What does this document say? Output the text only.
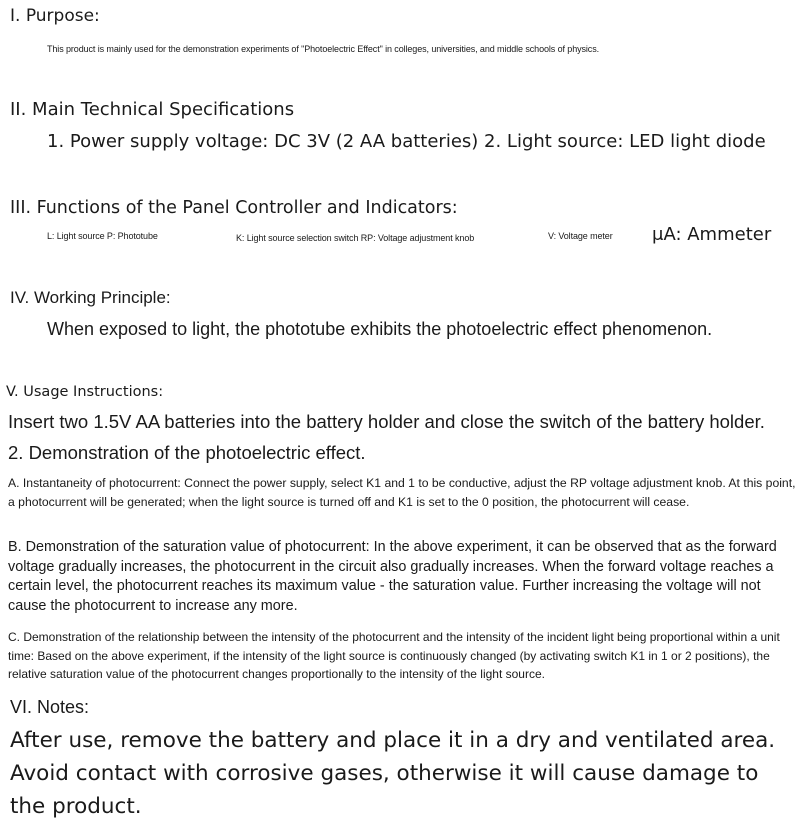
I. Purpose:

This product is mainly used for the demonstration experiments of "Photoelectric Effect" in colleges, universities, and middle schools of physics.

II. Main Technical Specifications

1. Power supply voltage: DC 3V (2 AA batteries) 2. Light source: LED light diode

III. Functions of the Panel Controller and Indicators:

L: Light source P: Phototube	K: Light source selection switch RP: Voltage adjustment knob	V: Voltage meter μA: Ammeter

IV. Working Principle:

When exposed to light, the phototube exhibits the photoelectric effect phenomenon.

V. Usage Instructions:

Insert two 1.5V AA batteries into the battery holder and close the switch of the battery holder.

2. Demonstration of the photoelectric effect.

A. Instantaneity of photocurrent: Connect the power supply, select K1 and 1 to be conductive, adjust the RP voltage adjustment knob. At this point, a photocurrent will be generated; when the light source is turned off and K1 is set to the 0 position, the photocurrent will cease.

B. Demonstration of the saturation value of photocurrent: In the above experiment, it can be observed that as the forward voltage gradually increases, the photocurrent in the circuit also gradually increases. When the forward voltage reaches a certain level, the photocurrent reaches its maximum value - the saturation value. Further increasing the voltage will not cause the photocurrent to increase any more.

C. Demonstration of the relationship between the intensity of the photocurrent and the intensity of the incident light being proportional within a unit time: Based on the above experiment, if the intensity of the light source is continuously changed (by activating switch K1 in 1 or 2 positions), the relative saturation value of the photocurrent changes proportionally to the intensity of the light source.

VI. Notes:

After use, remove the battery and place it in a dry and ventilated area. Avoid contact with corrosive gases, otherwise it will cause damage to the product.
